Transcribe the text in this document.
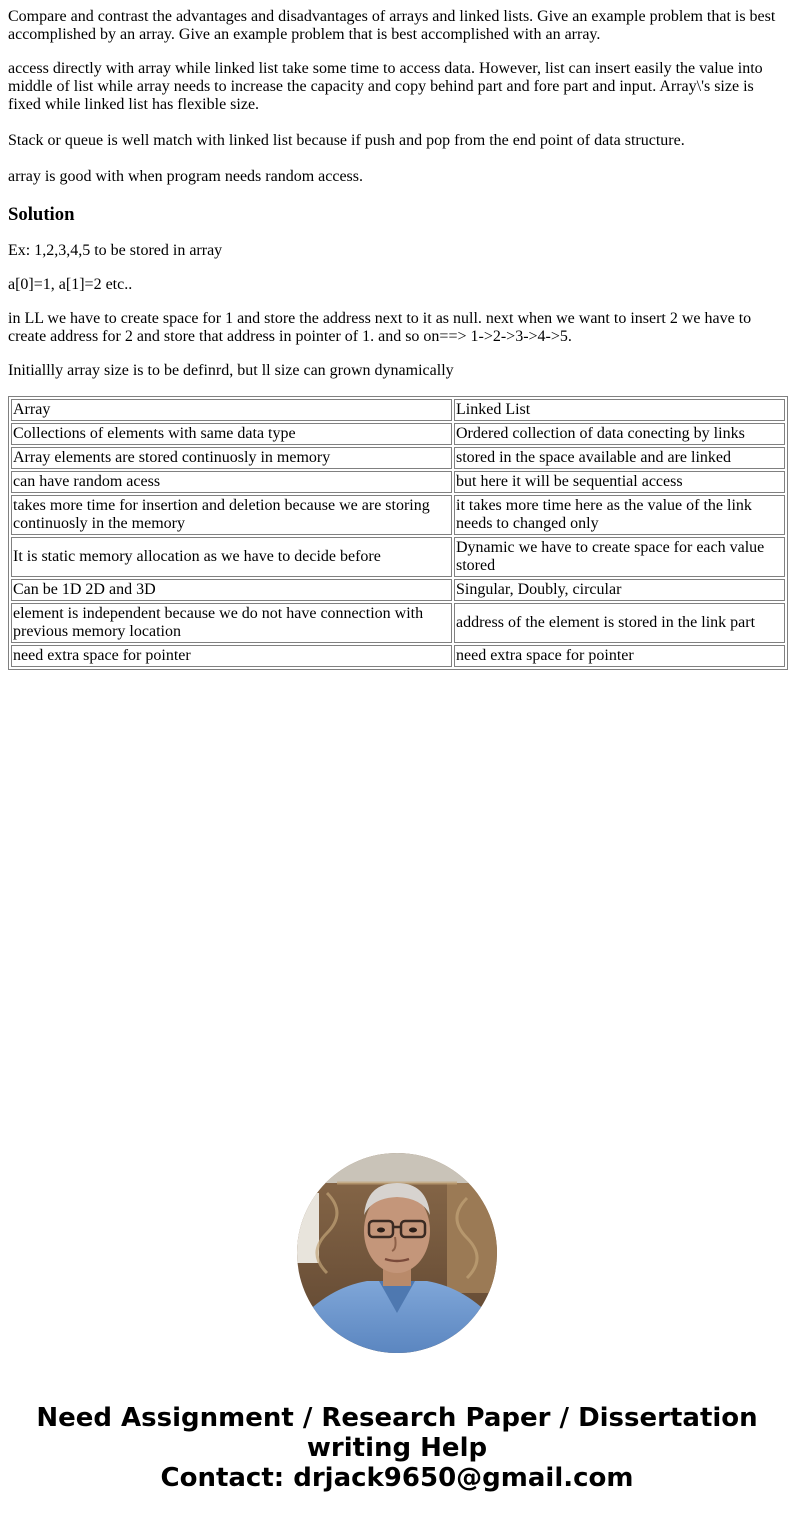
Compare and contrast the advantages and disadvantages of arrays and linked lists. Give an example problem that is best accomplished by an array. Give an example problem that is best accomplished with an array.

access directly with array while linked list take some time to access data. However, list can insert easily the value into middle of list while array needs to increase the capacity and copy behind part and fore part and input. Array\'s size is fixed while linked list has flexible size.
Stack or queue is well match with linked list because if push and pop from the end point of data structure.
array is good with when program needs random access.
Solution

Ex: 1,2,3,4,5 to be stored in array

a[0]=1, a[1]=2 etc..

in LL we have to create space for 1 and store the address next to it as null. next when we want to insert 2 we have to create address for 2 and store that address in pointer of 1. and so on==> 1->2->3->4->5.

Initiallly array size is to be definrd, but ll size can grown dynamically

Array	Linked List
Collections of elements with same data type	Ordered collection of data conecting by links
Array elements are stored continuosly in memory	stored in the space available and are linked
can have random acess	but here it will be sequential access
takes more time for insertion and deletion because we are storing continuosly in the memory	it takes more time here as the value of the link needs to changed only
It is static memory allocation as we have to decide before	Dynamic we have to create space for each value stored
Can be 1D 2D and 3D	Singular, Doubly, circular
element is independent because we do not have connection with previous memory location	address of the element is stored in the link part
need extra space for pointer	need extra space for pointer
Need Assignment / Research Paper / Dissertation
writing Help
Contact: drjack9650@gmail.com
